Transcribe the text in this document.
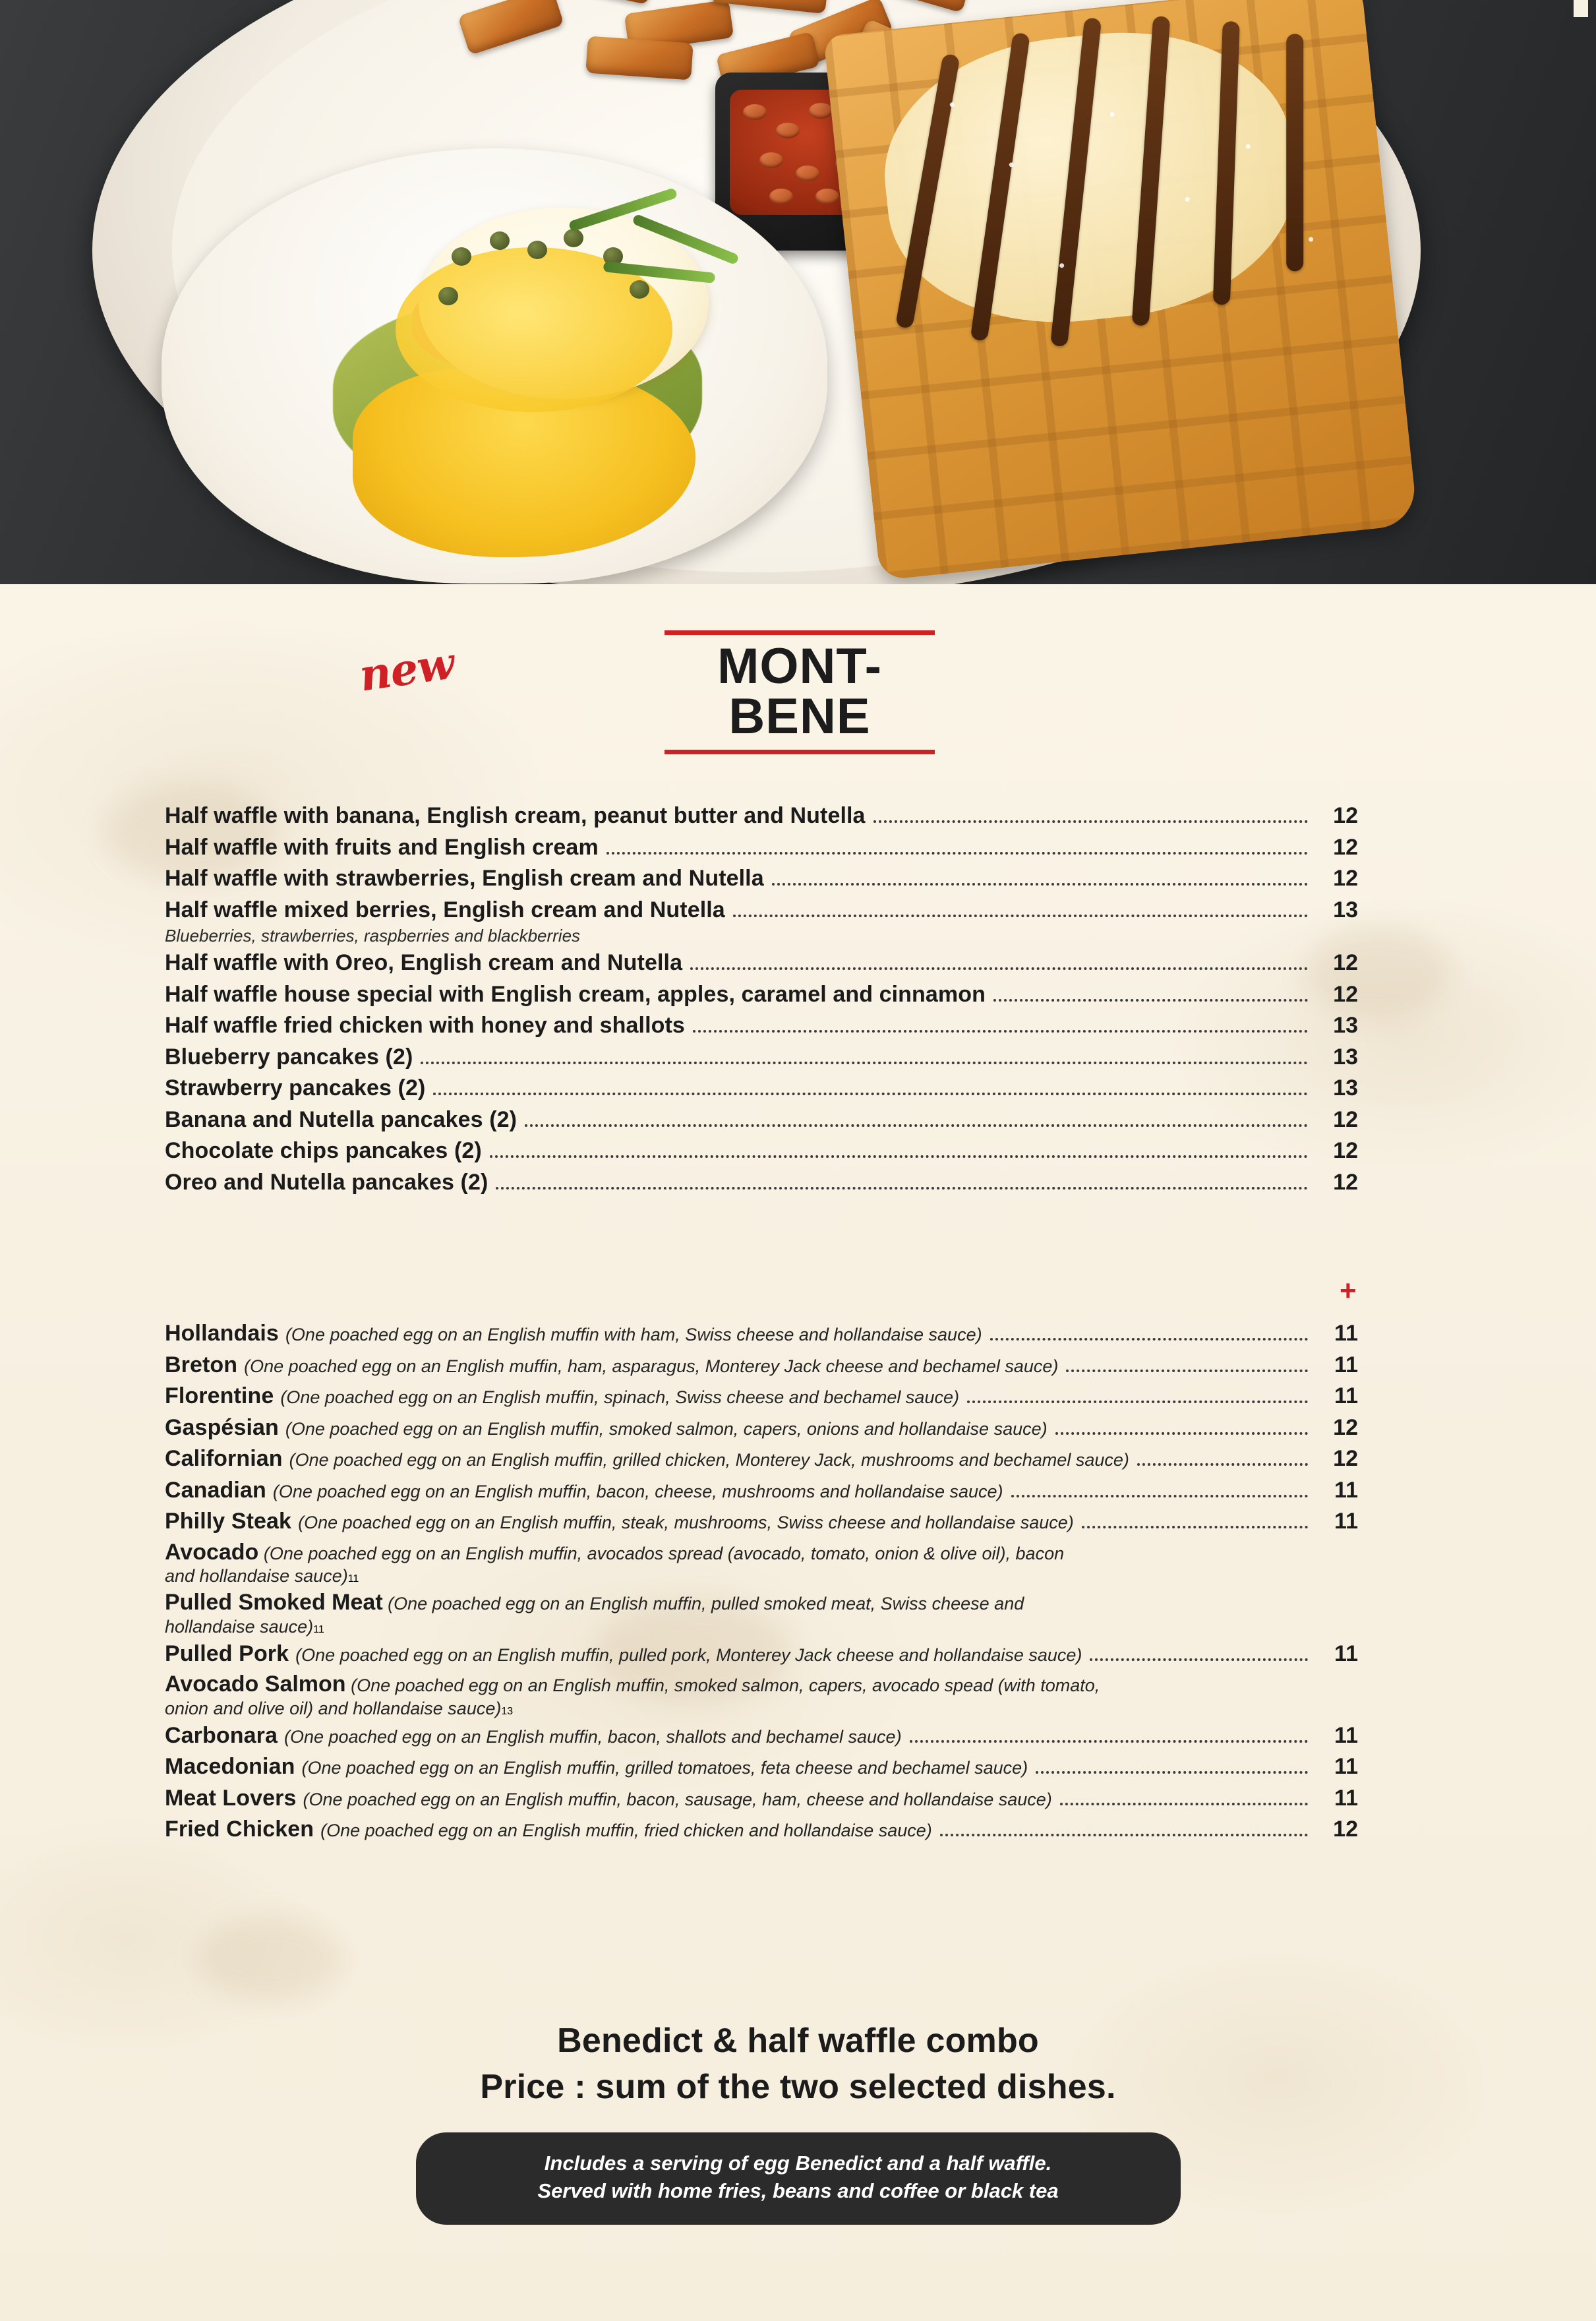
new	MONT-BENE
Half waffle with banana, English cream, peanut butter and Nutella	12
Half waffle with fruits and English cream	12
Half waffle with strawberries, English cream and Nutella	12
Half waffle mixed berries, English cream and Nutella	13
Blueberries, strawberries, raspberries and blackberries
Half waffle with Oreo, English cream and Nutella	12
Half waffle house special with English cream, apples, caramel and cinnamon	12
Half waffle fried chicken with honey and shallots	13
Blueberry pancakes (2)	13
Strawberry pancakes (2)	13
Banana and Nutella pancakes (2)	12
Chocolate chips pancakes (2)	12
Oreo and Nutella pancakes (2)	12
+
Hollandais (One poached egg on an English muffin with ham, Swiss cheese and hollandaise sauce)	11
Breton (One poached egg on an English muffin, ham, asparagus, Monterey Jack cheese and bechamel sauce)	11
Florentine (One poached egg on an English muffin, spinach, Swiss cheese and bechamel sauce)	11
Gaspésian (One poached egg on an English muffin, smoked salmon, capers, onions and hollandaise sauce)	12
Californian (One poached egg on an English muffin, grilled chicken, Monterey Jack, mushrooms and bechamel sauce)	12
Canadian (One poached egg on an English muffin, bacon, cheese, mushrooms and hollandaise sauce)	11
Philly Steak (One poached egg on an English muffin, steak, mushrooms, Swiss cheese and hollandaise sauce)	11
Avocado (One poached egg on an English muffin, avocados spread (avocado, tomato, onion & olive oil), bacon
and hollandaise sauce) 11
Pulled Smoked Meat (One poached egg on an English muffin, pulled smoked meat, Swiss cheese and
hollandaise sauce) 11
Pulled Pork (One poached egg on an English muffin, pulled pork, Monterey Jack cheese and hollandaise sauce)	11
Avocado Salmon (One poached egg on an English muffin, smoked salmon, capers, avocado spead (with tomato,
onion and olive oil) and hollandaise sauce) 13
Carbonara (One poached egg on an English muffin, bacon, shallots and bechamel sauce)	11
Macedonian (One poached egg on an English muffin, grilled tomatoes, feta cheese and bechamel sauce)	11
Meat Lovers (One poached egg on an English muffin, bacon, sausage, ham, cheese and hollandaise sauce)	11
Fried Chicken (One poached egg on an English muffin, fried chicken and hollandaise sauce)	12
Benedict & half waffle combo
Price : sum of the two selected dishes.
Includes a serving of egg Benedict and a half waffle.
Served with home fries, beans and coffee or black tea
